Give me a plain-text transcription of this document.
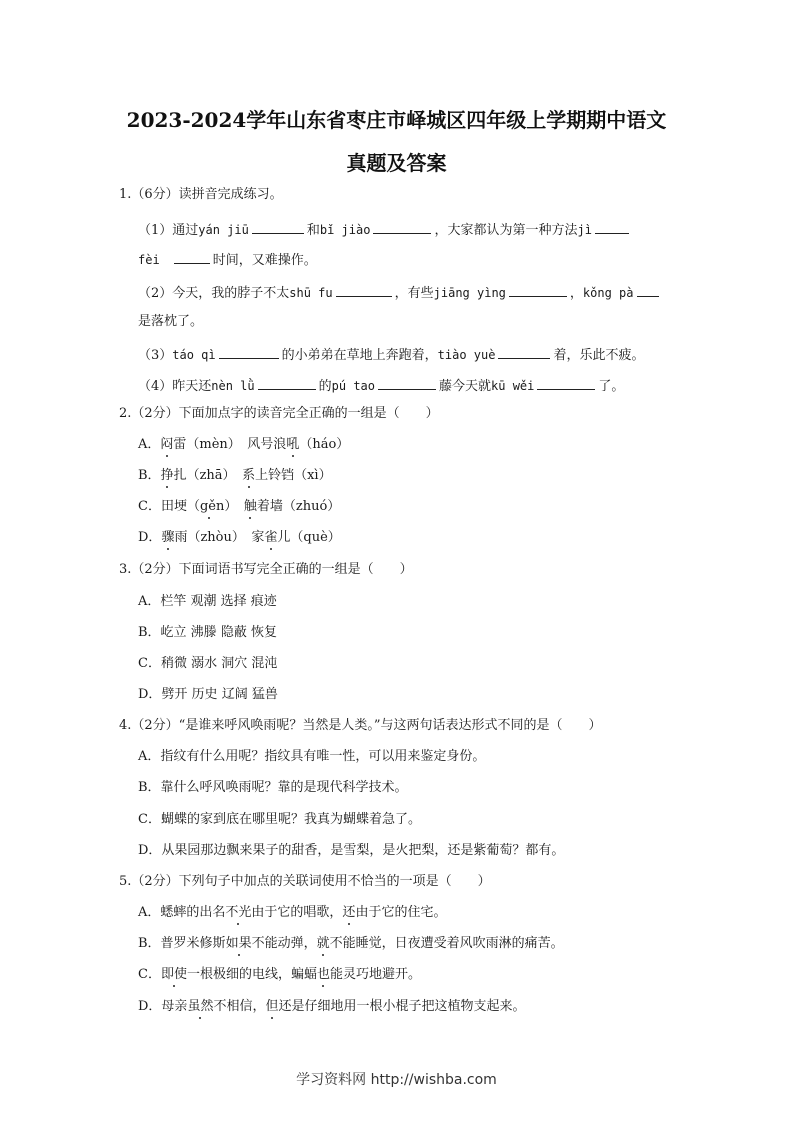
2023-2024学年山东省枣庄市峄城区四年级上学期期中语文
真题及答案
1.（6分）读拼音完成练习。
（1）通过yán jiū	和bǐ jiào	，大家都认为第一种方法jì
fèi	时间，又难操作。
（2）今天，我的脖子不太shū fu	，有些jiāng yìng	，kǒng pà
是落枕了。
（3）táo qì	的小弟弟在草地上奔跑着，tiào yuè	着，乐此不疲。
（4）昨天还nèn lǜ	的pú tao	藤今天就kū wěi	了。
2.（2分）下面加点字的读音完全正确的一组是（　　）
A．闷雷（mèn）　风号浪吼（háo）
B．挣扎（zhā）　系上铃铛（xì）
C．田埂（gěn）　触着墙（zhuó）
D．骤雨（zhòu）　家雀儿（què）
3.（2分）下面词语书写完全正确的一组是（　　）
A．栏竿 观潮 选择 痕迹
B．屹立 沸滕 隐蔽 恢复
C．稍微 溺水 洞穴 混沌
D．劈开 历史 辽阔 猛兽
4.（2分）“是谁来呼风唤雨呢？当然是人类。”与这两句话表达形式不同的是（　　）
A．指纹有什么用呢？指纹具有唯一性，可以用来鉴定身份。
B．靠什么呼风唤雨呢？靠的是现代科学技术。
C．蝴蝶的家到底在哪里呢？我真为蝴蝶着急了。
D．从果园那边飘来果子的甜香，是雪梨，是火把梨，还是紫葡萄？都有。
5.（2分）下列句子中加点的关联词使用不恰当的一项是（　　）
A．蟋蟀的出名不光由于它的唱歌，还由于它的住宅。
B．普罗米修斯如果不能动弹，就不能睡觉，日夜遭受着风吹雨淋的痛苦。
C．即使一根极细的电线，蝙蝠也能灵巧地避开。
D．母亲虽然不相信，但还是仔细地用一根小棍子把这植物支起来。
学习资料网 http://wishba.com
